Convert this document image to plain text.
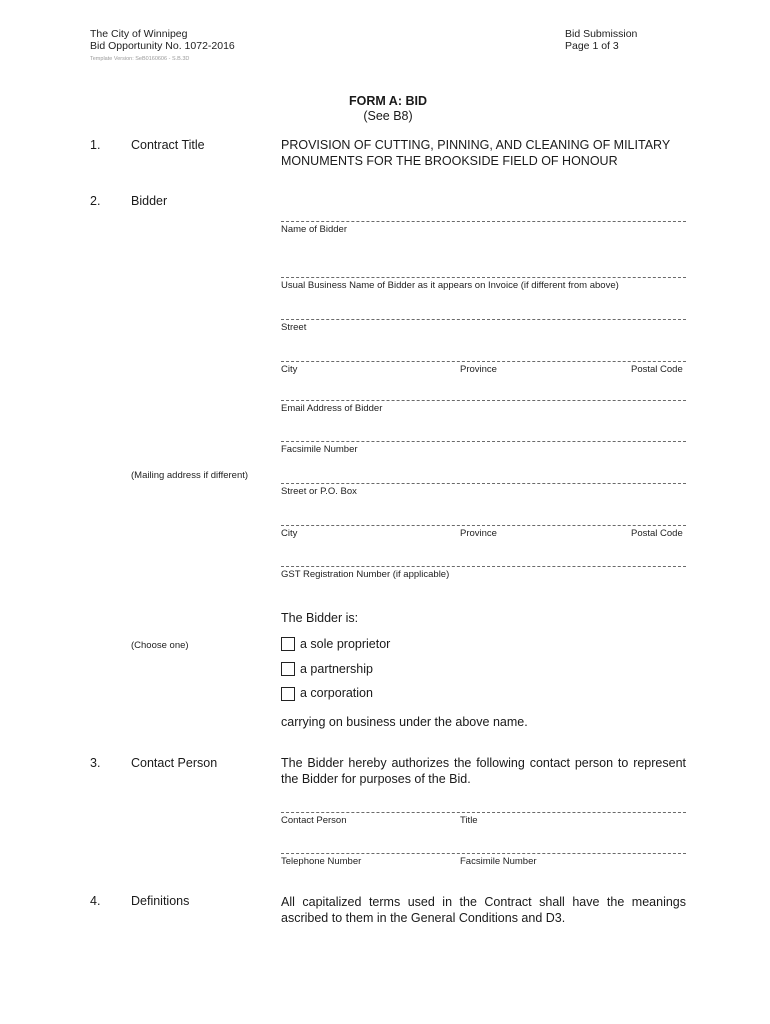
The City of Winnipeg
Bid Opportunity No. 1072-2016
Template Version: SeB0160606 - S.B.3D
Bid Submission
Page 1 of 3
FORM A: BID
(See B8)
1. Contract Title	PROVISION OF CUTTING, PINNING, AND CLEANING OF MILITARY
MONUMENTS FOR THE BROOKSIDE FIELD OF HONOUR
2. Bidder
Name of Bidder
Usual Business Name of Bidder as it appears on Invoice (if different from above)
Street
City	Province	Postal Code
Email Address of Bidder
Facsimile Number
(Mailing address if different)
Street or P.O. Box
City	Province	Postal Code
GST Registration Number (if applicable)
The Bidder is:
(Choose one)	a sole proprietor
a partnership
a corporation
carrying on business under the above name.
3. Contact Person	The Bidder hereby authorizes the following contact person to represent the Bidder for purposes of the Bid.
Contact Person	Title
Telephone Number	Facsimile Number
4. Definitions	All capitalized terms used in the Contract shall have the meanings ascribed to them in the General Conditions and D3.
